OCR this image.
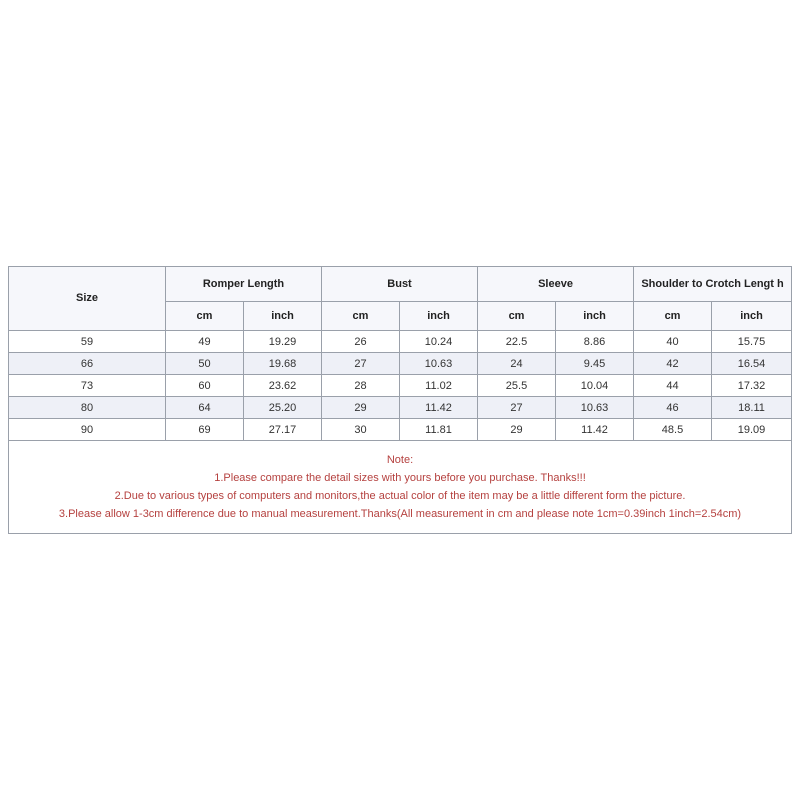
Size	Romper Length		Bust		Sleeve		Shoulder to Crotch Lengt h	
	cm	inch	cm	inch	cm	inch	cm	inch
59	49	19.29	26	10.24	22.5	8.86	40	15.75
66	50	19.68	27	10.63	24	9.45	42	16.54
73	60	23.62	28	11.02	25.5	10.04	44	17.32
80	64	25.20	29	11.42	27	10.63	46	18.11
90	69	27.17	30	11.81	29	11.42	48.5	19.09

Note:
1.Please compare the detail sizes with yours before you purchase. Thanks!!!
2.Due to various types of computers and monitors,the actual color of the item may be a little different form the picture.
3.Please allow 1-3cm difference due to manual measurement.Thanks(All measurement in cm and please note 1cm=0.39inch 1inch=2.54cm)								
